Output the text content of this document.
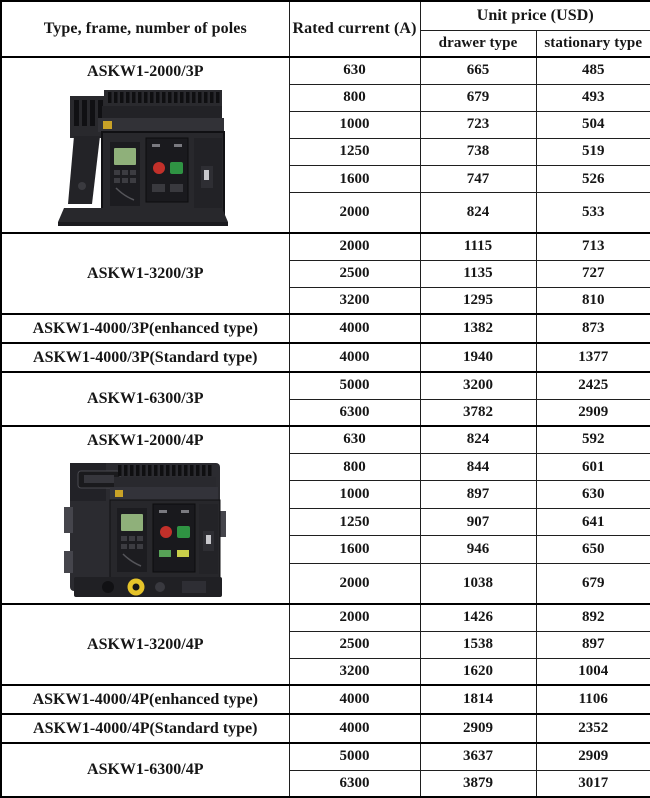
Type, frame, number of poles	Rated current (A)	Unit price (USD)	
		drawer type	stationary type

ASKW1-2000/3P	630	665	485
	800	679	493
	1000	723	504
	1250	738	519
	1600	747	526
	2000	824	533

ASKW1-3200/3P	2000	1115	713
	2500	1135	727
	3200	1295	810

ASKW1-4000/3P(enhanced type)	4000	1382	873

ASKW1-4000/3P(Standard type)	4000	1940	1377

ASKW1-6300/3P	5000	3200	2425
	6300	3782	2909

ASKW1-2000/4P	630	824	592
	800	844	601
	1000	897	630
	1250	907	641
	1600	946	650
	2000	1038	679

ASKW1-3200/4P	2000	1426	892
	2500	1538	897
	3200	1620	1004

ASKW1-4000/4P(enhanced type)	4000	1814	1106

ASKW1-4000/4P(Standard type)	4000	2909	2352

ASKW1-6300/4P	5000	3637	2909
	6300	3879	3017
